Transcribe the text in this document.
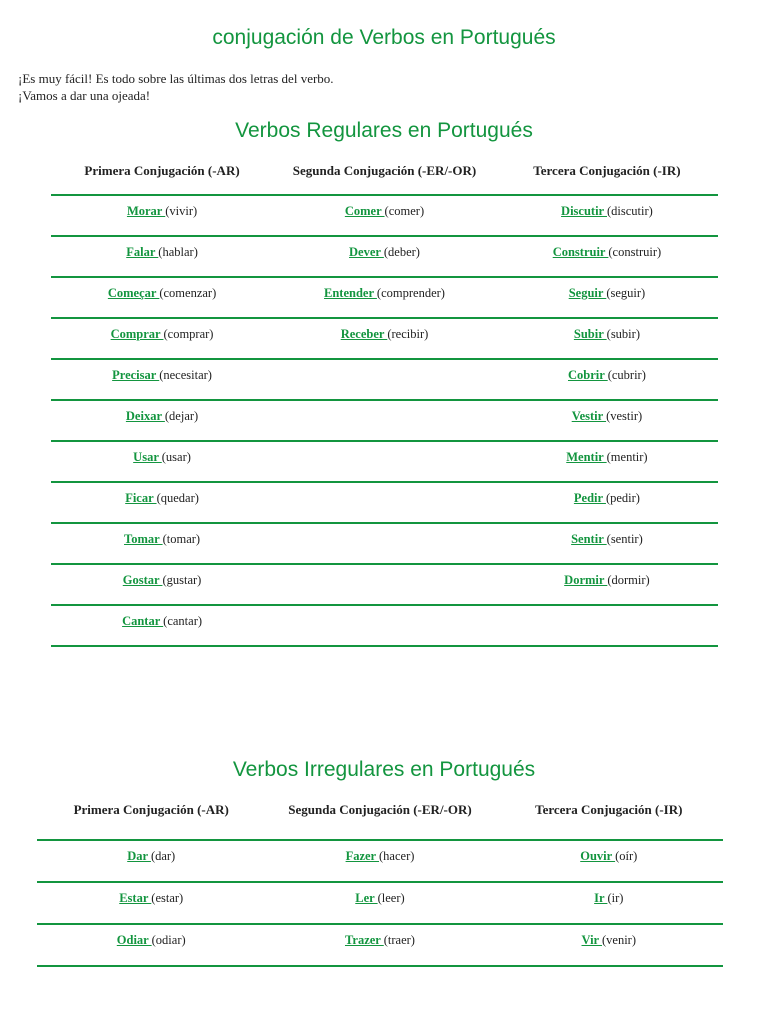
conjugación de Verbos en Portugués
¡Es muy fácil! Es todo sobre las últimas dos letras del verbo.
¡Vamos a dar una ojeada!
Verbos Regulares en Portugués
Primera Conjugación (-AR)	Segunda Conjugación (-ER/-OR)	Tercera Conjugación (-IR)
Morar (vivir)	Comer (comer)	Discutir (discutir)
Falar (hablar)	Dever (deber)	Construir (construir)
Começar (comenzar)	Entender (comprender)	Seguir (seguir)
Comprar (comprar)	Receber (recibir)	Subir (subir)
Precisar (necesitar)		Cobrir (cubrir)
Deixar (dejar)		Vestir (vestir)
Usar (usar)		Mentir (mentir)
Ficar (quedar)		Pedir (pedir)
Tomar (tomar)		Sentir (sentir)
Gostar (gustar)		Dormir (dormir)
Cantar (cantar)		
Verbos Irregulares en Portugués
Primera Conjugación (-AR)	Segunda Conjugación (-ER/-OR)	Tercera Conjugación (-IR)
Dar (dar)	Fazer (hacer)	Ouvir (oír)
Estar (estar)	Ler (leer)	Ir (ir)
Odiar (odiar)	Trazer (traer)	Vir (venir)
